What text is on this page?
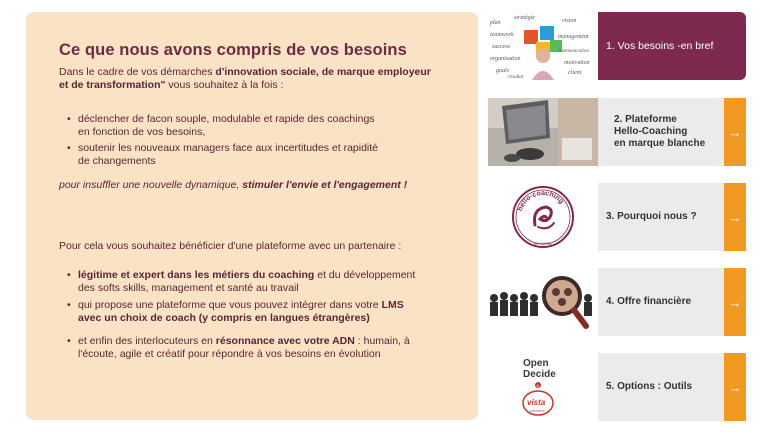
Ce que nous avons compris de vos besoins

Dans le cadre de vos démarches d'innovation sociale, de marque employeur

et de transformation" vous souhaitez à la fois :

• déclencher de facon souple, modulable et rapide des coachings

en fonction de vos besoins,

• soutenir les nouveaux managers face aux incertitudes et rapidité

de changements

pour insuffler une nouvelle dynamique, stimuler l'envie et l'engagement !

Pour cela vous souhaitez bénéficier d'une plateforme avec un partenaire :

• légitime et expert dans les métiers du coaching et du développement

des softs skills, management et santé au travail

• qui propose une plateforme que vous pouvez intégrer dans votre LMS

avec un choix de coach (y compris en langues étrangères)

• et enfin des interlocuteurs en résonnance avec votre ADN : humain, à

l'écoute, agile et créatif pour répondre à vos besoins en évolution

plan
stratégie	vision
management
teamwork
communication
success
motivation
organisation
client
goals
résultat
1. Vos besoins -en bref
2. Plateforme
Hello-Coaching
en marque blanche
→
hello-coaching
BY VISTA
3. Pourquoi nous ?	→
4. Offre financière	→
Open
Decide
&
vista
partners
5. Options : Outils	→
